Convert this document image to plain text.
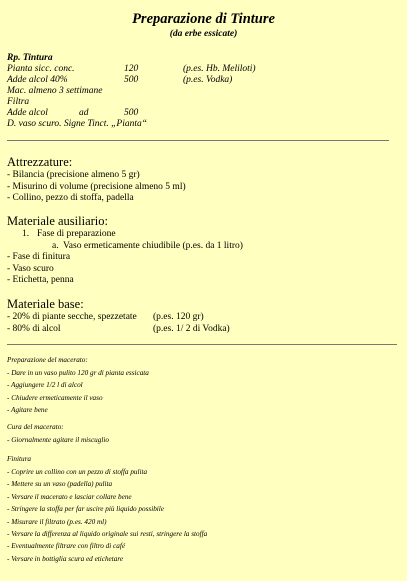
Preparazione di Tinture
(da erbe essicate)
Rp. Tintura
Pianta sicc. conc.	120	(p.es. Hb. Meliloti)
Adde alcol 40%	500	(p.es. Vodka)
Mac. almeno 3 settimane
Filtra
Adde alcol	ad	500
D. vaso scuro. Signe Tinct. „Pianta“
Attrezzature:
- Bilancia (precisione almeno 5 gr)
- Misurino di volume (precisione almeno 5 ml)
- Collino, pezzo di stoffa, padella
Materiale ausiliario:
1. Fase di preparazione
a. Vaso ermeticamente chiudibile (p.es. da 1 litro)
- Fase di finitura
- Vaso scuro
- Etichetta, penna
Materiale base:
- 20% di piante secche, spezzetate (p.es. 120 gr)
- 80% di alcol	(p.es. 1/ 2 di Vodka)
Preparazione del macerato:
- Dare in un vaso pulito 120 gr di pianta essicata
- Aggiungere 1/2 l di alcol
- Chiudere ermeticamente il vaso
- Agitare bene
Cura del macerato:
- Giornalmente agitare il miscuglio
Finitura
- Coprire un collino con un pezzo di stoffa pulita
- Mettere su un vaso (padella) pulita
- Versare il macerato e lasciar collare bene
- Stringere la stoffa per far uscire più liquido possibile
- Misurare il filtrato (p.es. 420 ml)
- Versare la differenza al liquido originale sui resti, stringere la stoffa
- Eventualmente filtrare con filtro di café
- Versare in bottiglia scura ed etichetare
